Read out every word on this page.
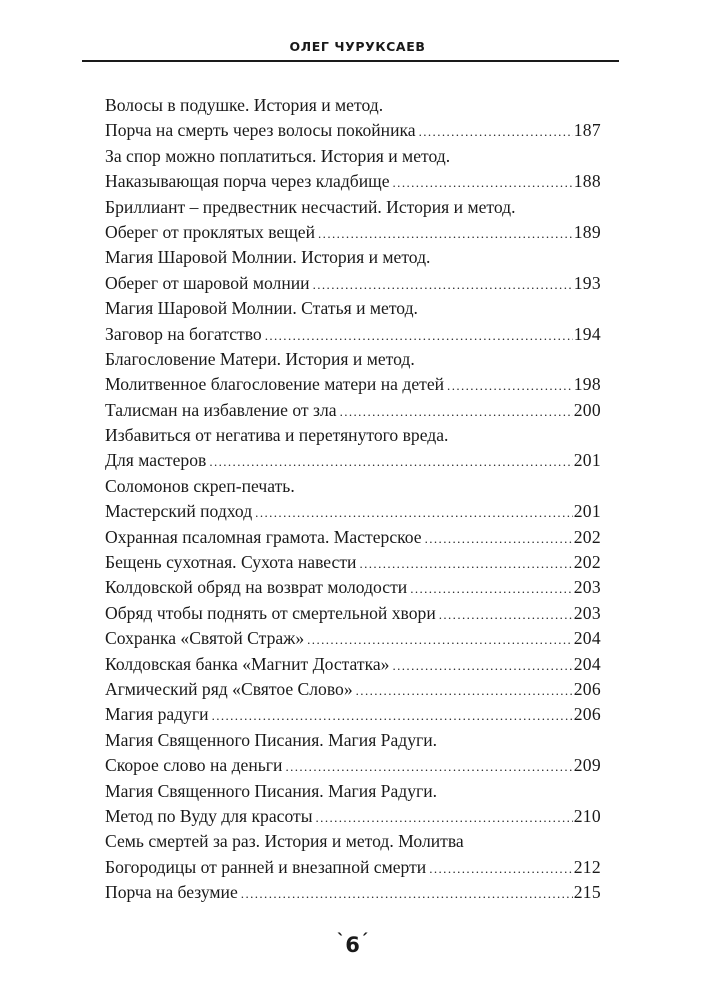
ОЛЕГ ЧУРУКСАЕВ
Волосы в подушке. История и метод.
Порча на смерть через волосы покойника .....	187
За спор можно поплатиться. История и метод.
Наказывающая порча через кладбище .....	188
Бриллиант – предвестник несчастий. История и метод.
Оберег от проклятых вещей .....	189
Магия Шаровой Молнии. История и метод.
Оберег от шаровой молнии .....	193
Магия Шаровой Молнии. Статья и метод.
Заговор на богатство .....	194
Благословение Матери. История и метод.
Молитвенное благословение матери на детей .....	198
Талисман на избавление от зла .....	200
Избавиться от негатива и перетянутого вреда.
Для мастеров .....	201
Соломонов скреп-печать.
Мастерский подход .....	201
Охранная псаломная грамота. Мастерское .....	202
Бещень сухотная. Сухота навести .....	202
Колдовской обряд на возврат молодости .....	203
Обряд чтобы поднять от смертельной хвори .....	203
Сохранка «Святой Страж» .....	204
Колдовская банка «Магнит Достатка» .....	204
Агмический ряд «Святое Слово» .....	206
Магия радуги .....	206
Магия Священного Писания. Магия Радуги.
Скорое слово на деньги .....	209
Магия Священного Писания. Магия Радуги.
Метод по Вуду для красоты .....	210
Семь смертей за раз. История и метод. Молитва
Богородицы от ранней и внезапной смерти .....	212
Порча на безумие .....	215
`6´
